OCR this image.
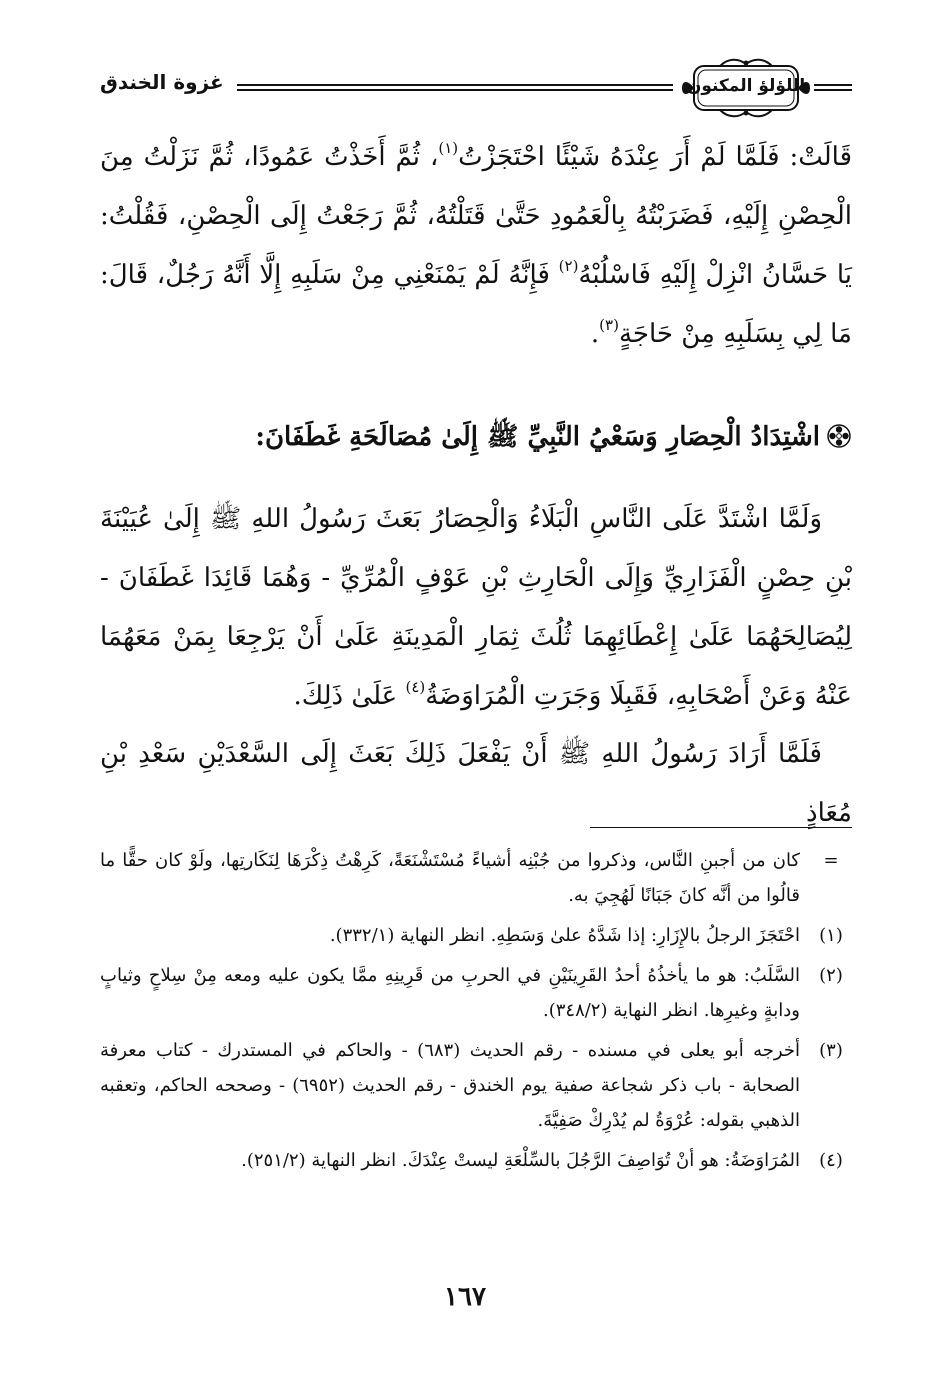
غزوة الخندق	اللؤلؤ المكنون
قَالَتْ: فَلَمَّا لَمْ أَرَ عِنْدَهُ شَيْئًا احْتَجَزْتُ$^{(١)}$، ثُمَّ أَخَذْتُ عَمُودًا، ثُمَّ نَزَلْتُ مِنَ الْحِصْنِ إِلَيْهِ، فَضَرَبْتُهُ بِالْعَمُودِ حَتَّىٰ قَتَلْتُهُ، ثُمَّ رَجَعْتُ إِلَى الْحِصْنِ، فَقُلْتُ: يَا حَسَّانُ انْزِلْ إِلَيْهِ فَاسْلُبْهُ$^{(٢)}$ فَإِنَّهُ لَمْ يَمْنَعْنِي مِنْ سَلَبِهِ إِلَّا أَنَّهُ رَجُلٌ، قَالَ: مَا لِي بِسَلَبِهِ مِنْ حَاجَةٍ$^{(٣)}$.
اشْتِدَادُ الْحِصَارِ وَسَعْيُ النَّبِيِّ ﷺ إِلَىٰ مُصَالَحَةِ غَطَفَانَ:
وَلَمَّا اشْتَدَّ عَلَى النَّاسِ الْبَلَاءُ وَالْحِصَارُ بَعَثَ رَسُولُ اللهِ ﷺ إِلَىٰ عُيَيْنَةَ بْنِ حِصْنٍ الْفَزَارِيِّ وَإِلَى الْحَارِثِ بْنِ عَوْفٍ الْمُرِّيِّ - وَهُمَا قَائِدَا غَطَفَانَ - لِيُصَالِحَهُمَا عَلَىٰ إِعْطَائِهِمَا ثُلُثَ ثِمَارِ الْمَدِينَةِ عَلَىٰ أَنْ يَرْجِعَا بِمَنْ مَعَهُمَا عَنْهُ وَعَنْ أَصْحَابِهِ، فَقَبِلَا وَجَرَتِ الْمُرَاوَضَةُ$^{(٤)}$ عَلَىٰ ذَلِكَ.
فَلَمَّا أَرَادَ رَسُولُ اللهِ ﷺ أَنْ يَفْعَلَ ذَلِكَ بَعَثَ إِلَى السَّعْدَيْنِ سَعْدِ بْنِ مُعَاذٍ
=
كان من أجبنِ النَّاس، وذكروا من جُبْنِه أشياءً مُسْتَشْنَعَةً، كَرِهْتُ ذِكْرَهَا لِنَكَارتِها، ولَوْ كان حقًّا ما قالُوا من أنَّه كانَ جَبَانًا لَهُجِيَ به.
(١)
احْتَجَزَ الرجلُ بالإِزَارِ: إذا شَدَّهُ علىٰ وَسَطِهِ. انظر النهاية (٣٣٢/١).
(٢)
السَّلَبُ: هو ما يأخذُهُ أحدُ القَرِينَيْنِ في الحربِ من قَرِينِهِ ممَّا يكون عليه ومعه مِنْ سِلاحٍ وثيابٍ ودابةٍ وغيرِها. انظر النهاية (٣٤٨/٢).
(٣)
أخرجه أبو يعلى في مسنده - رقم الحديث (٦٨٣) - والحاكم في المستدرك - كتاب معرفة الصحابة - باب ذكر شجاعة صفية يوم الخندق - رقم الحديث (٦٩٥٢) - وصححه الحاكم، وتعقبه الذهبي بقوله: عُرْوَةُ لم يُدْرِكْ صَفِيَّةَ.
(٤)
المُرَاوَضَةُ: هو أنْ تُوَاصِفَ الرَّجُلَ بالسِّلْعَةِ ليستْ عِنْدَكَ. انظر النهاية (٢٥١/٢).
١٦٧
